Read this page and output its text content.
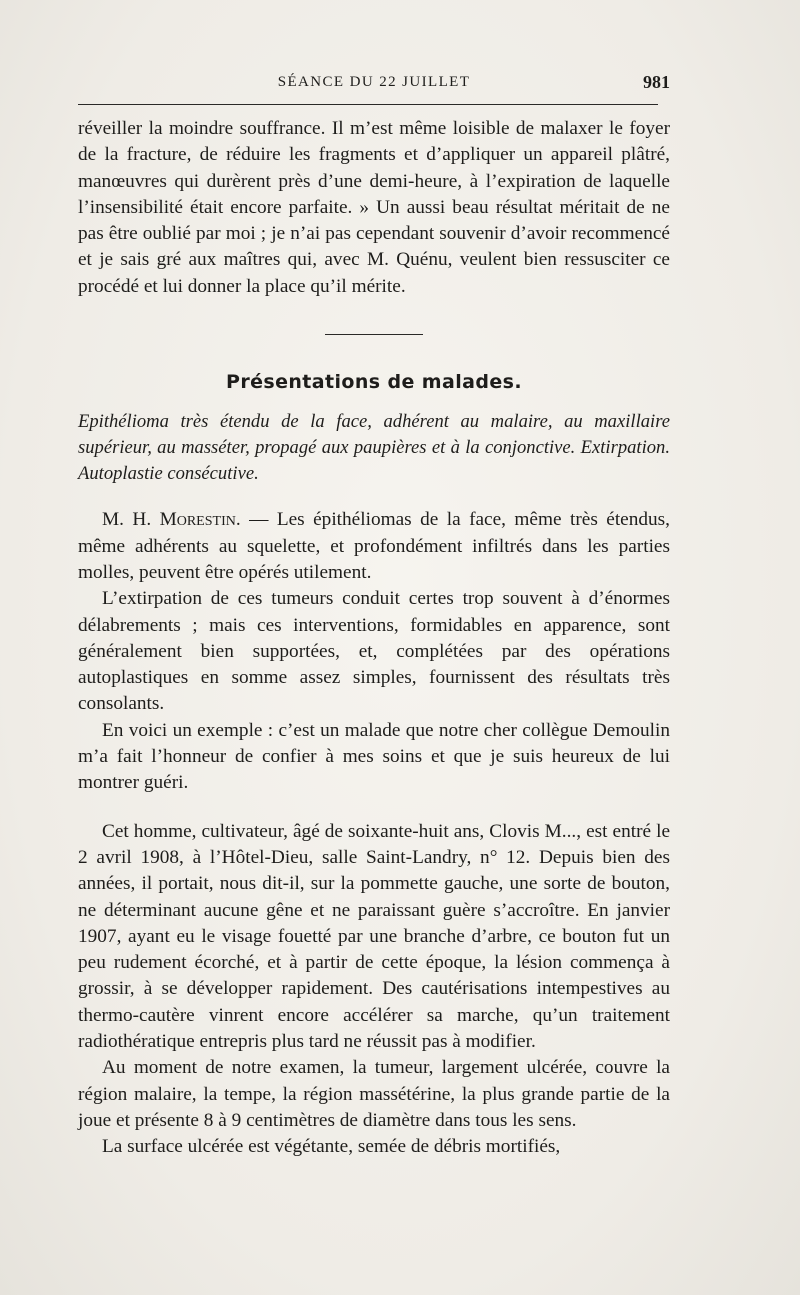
SÉANCE DU 22 JUILLET	981

réveiller la moindre souffrance. Il m’est même loisible de malaxer le foyer de la fracture, de réduire les fragments et d’appliquer un appareil plâtré, manœuvres qui durèrent près d’une demi-heure, à l’expiration de laquelle l’insensibilité était encore parfaite. » Un aussi beau résultat méritait de ne pas être oublié par moi ; je n’ai pas cependant souvenir d’avoir recommencé et je sais gré aux maîtres qui, avec M. Quénu, veulent bien ressusciter ce procédé et lui donner la place qu’il mérite.

Présentations de malades.

Epithélioma très étendu de la face, adhérent au malaire, au maxillaire supérieur, au masséter, propagé aux paupières et à la conjonctive. Extirpation. Autoplastie consécutive.

M. H. Morestin. — Les épithéliomas de la face, même très étendus, même adhérents au squelette, et profondément infiltrés dans les parties molles, peuvent être opérés utilement.

L’extirpation de ces tumeurs conduit certes trop souvent à d’énormes délabrements ; mais ces interventions, formidables en apparence, sont généralement bien supportées, et, complétées par des opérations autoplastiques en somme assez simples, fournissent des résultats très consolants.

En voici un exemple : c’est un malade que notre cher collègue Demoulin m’a fait l’honneur de confier à mes soins et que je suis heureux de lui montrer guéri.

Cet homme, cultivateur, âgé de soixante-huit ans, Clovis M..., est entré le 2 avril 1908, à l’Hôtel-Dieu, salle Saint-Landry, n° 12. Depuis bien des années, il portait, nous dit-il, sur la pommette gauche, une sorte de bouton, ne déterminant aucune gêne et ne paraissant guère s’accroître. En janvier 1907, ayant eu le visage fouetté par une branche d’arbre, ce bouton fut un peu rudement écorché, et à partir de cette époque, la lésion commença à grossir, à se développer rapidement. Des cautérisations intempestives au thermo-cautère vinrent encore accélérer sa marche, qu’un traitement radiothératique entrepris plus tard ne réussit pas à modifier.

Au moment de notre examen, la tumeur, largement ulcérée, couvre la région malaire, la tempe, la région massétérine, la plus grande partie de la joue et présente 8 à 9 centimètres de diamètre dans tous les sens.

La surface ulcérée est végétante, semée de débris mortifiés,
